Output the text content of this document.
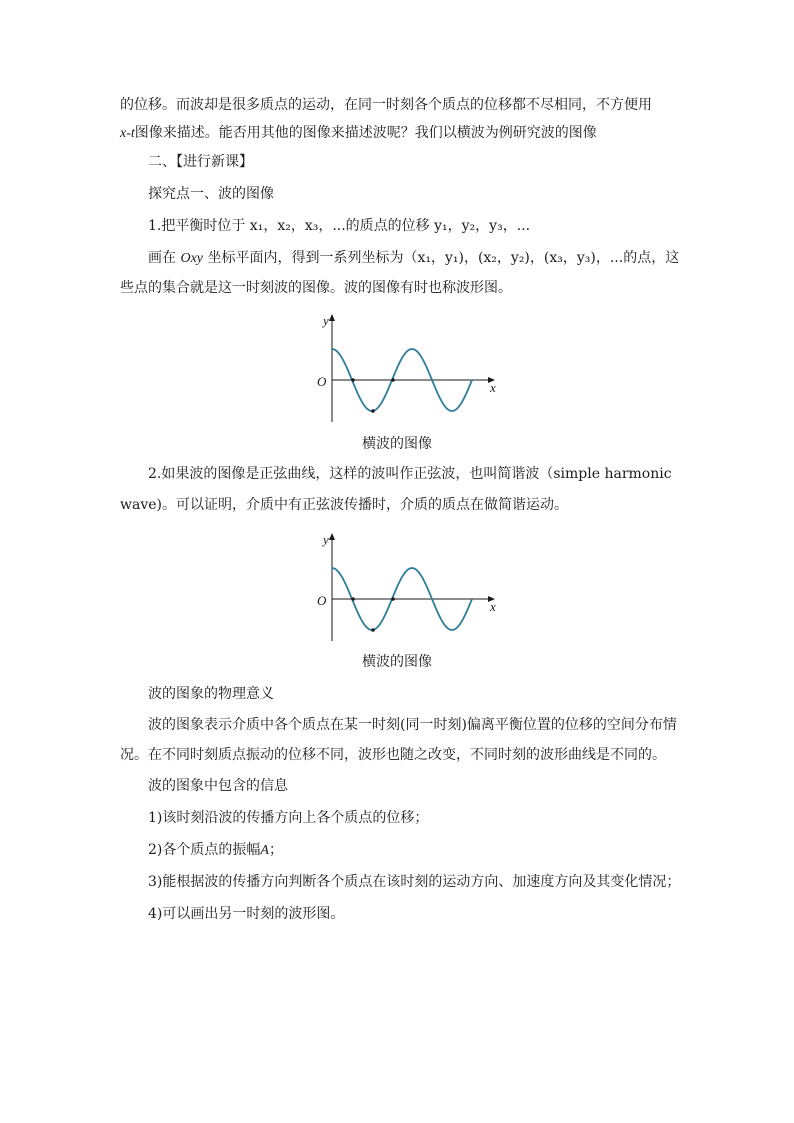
的位移。而波却是很多质点的运动，在同一时刻各个质点的位移都不尽相同，不方便用
x-t图像来描述。能否用其他的图像来描述波呢？我们以横波为例研究波的图像
二、【进行新课】
探究点一、波的图像
1.把平衡时位于 x₁，x₂，x₃，...的质点的位移 y₁，y₂，y₃，...
画在 Oxy 坐标平面内，得到一系列坐标为（x₁，y₁)，(x₂，y₂)，(x₃，y₃)，...的点，这
些点的集合就是这一时刻波的图像。波的图像有时也称波形图。
y
O	x
横波的图像
2.如果波的图像是正弦曲线，这样的波叫作正弦波，也叫简谐波（simple harmonic
wave)。可以证明，介质中有正弦波传播时，介质的质点在做简谐运动。
y
O	x
横波的图像
波的图象的物理意义
波的图象表示介质中各个质点在某一时刻(同一时刻)偏离平衡位置的位移的空间分布情
况。在不同时刻质点振动的位移不同，波形也随之改变，不同时刻的波形曲线是不同的。
波的图象中包含的信息
1)该时刻沿波的传播方向上各个质点的位移；
2)各个质点的振幅A；
3)能根据波的传播方向判断各个质点在该时刻的运动方向、加速度方向及其变化情况；
4)可以画出另一时刻的波形图。
